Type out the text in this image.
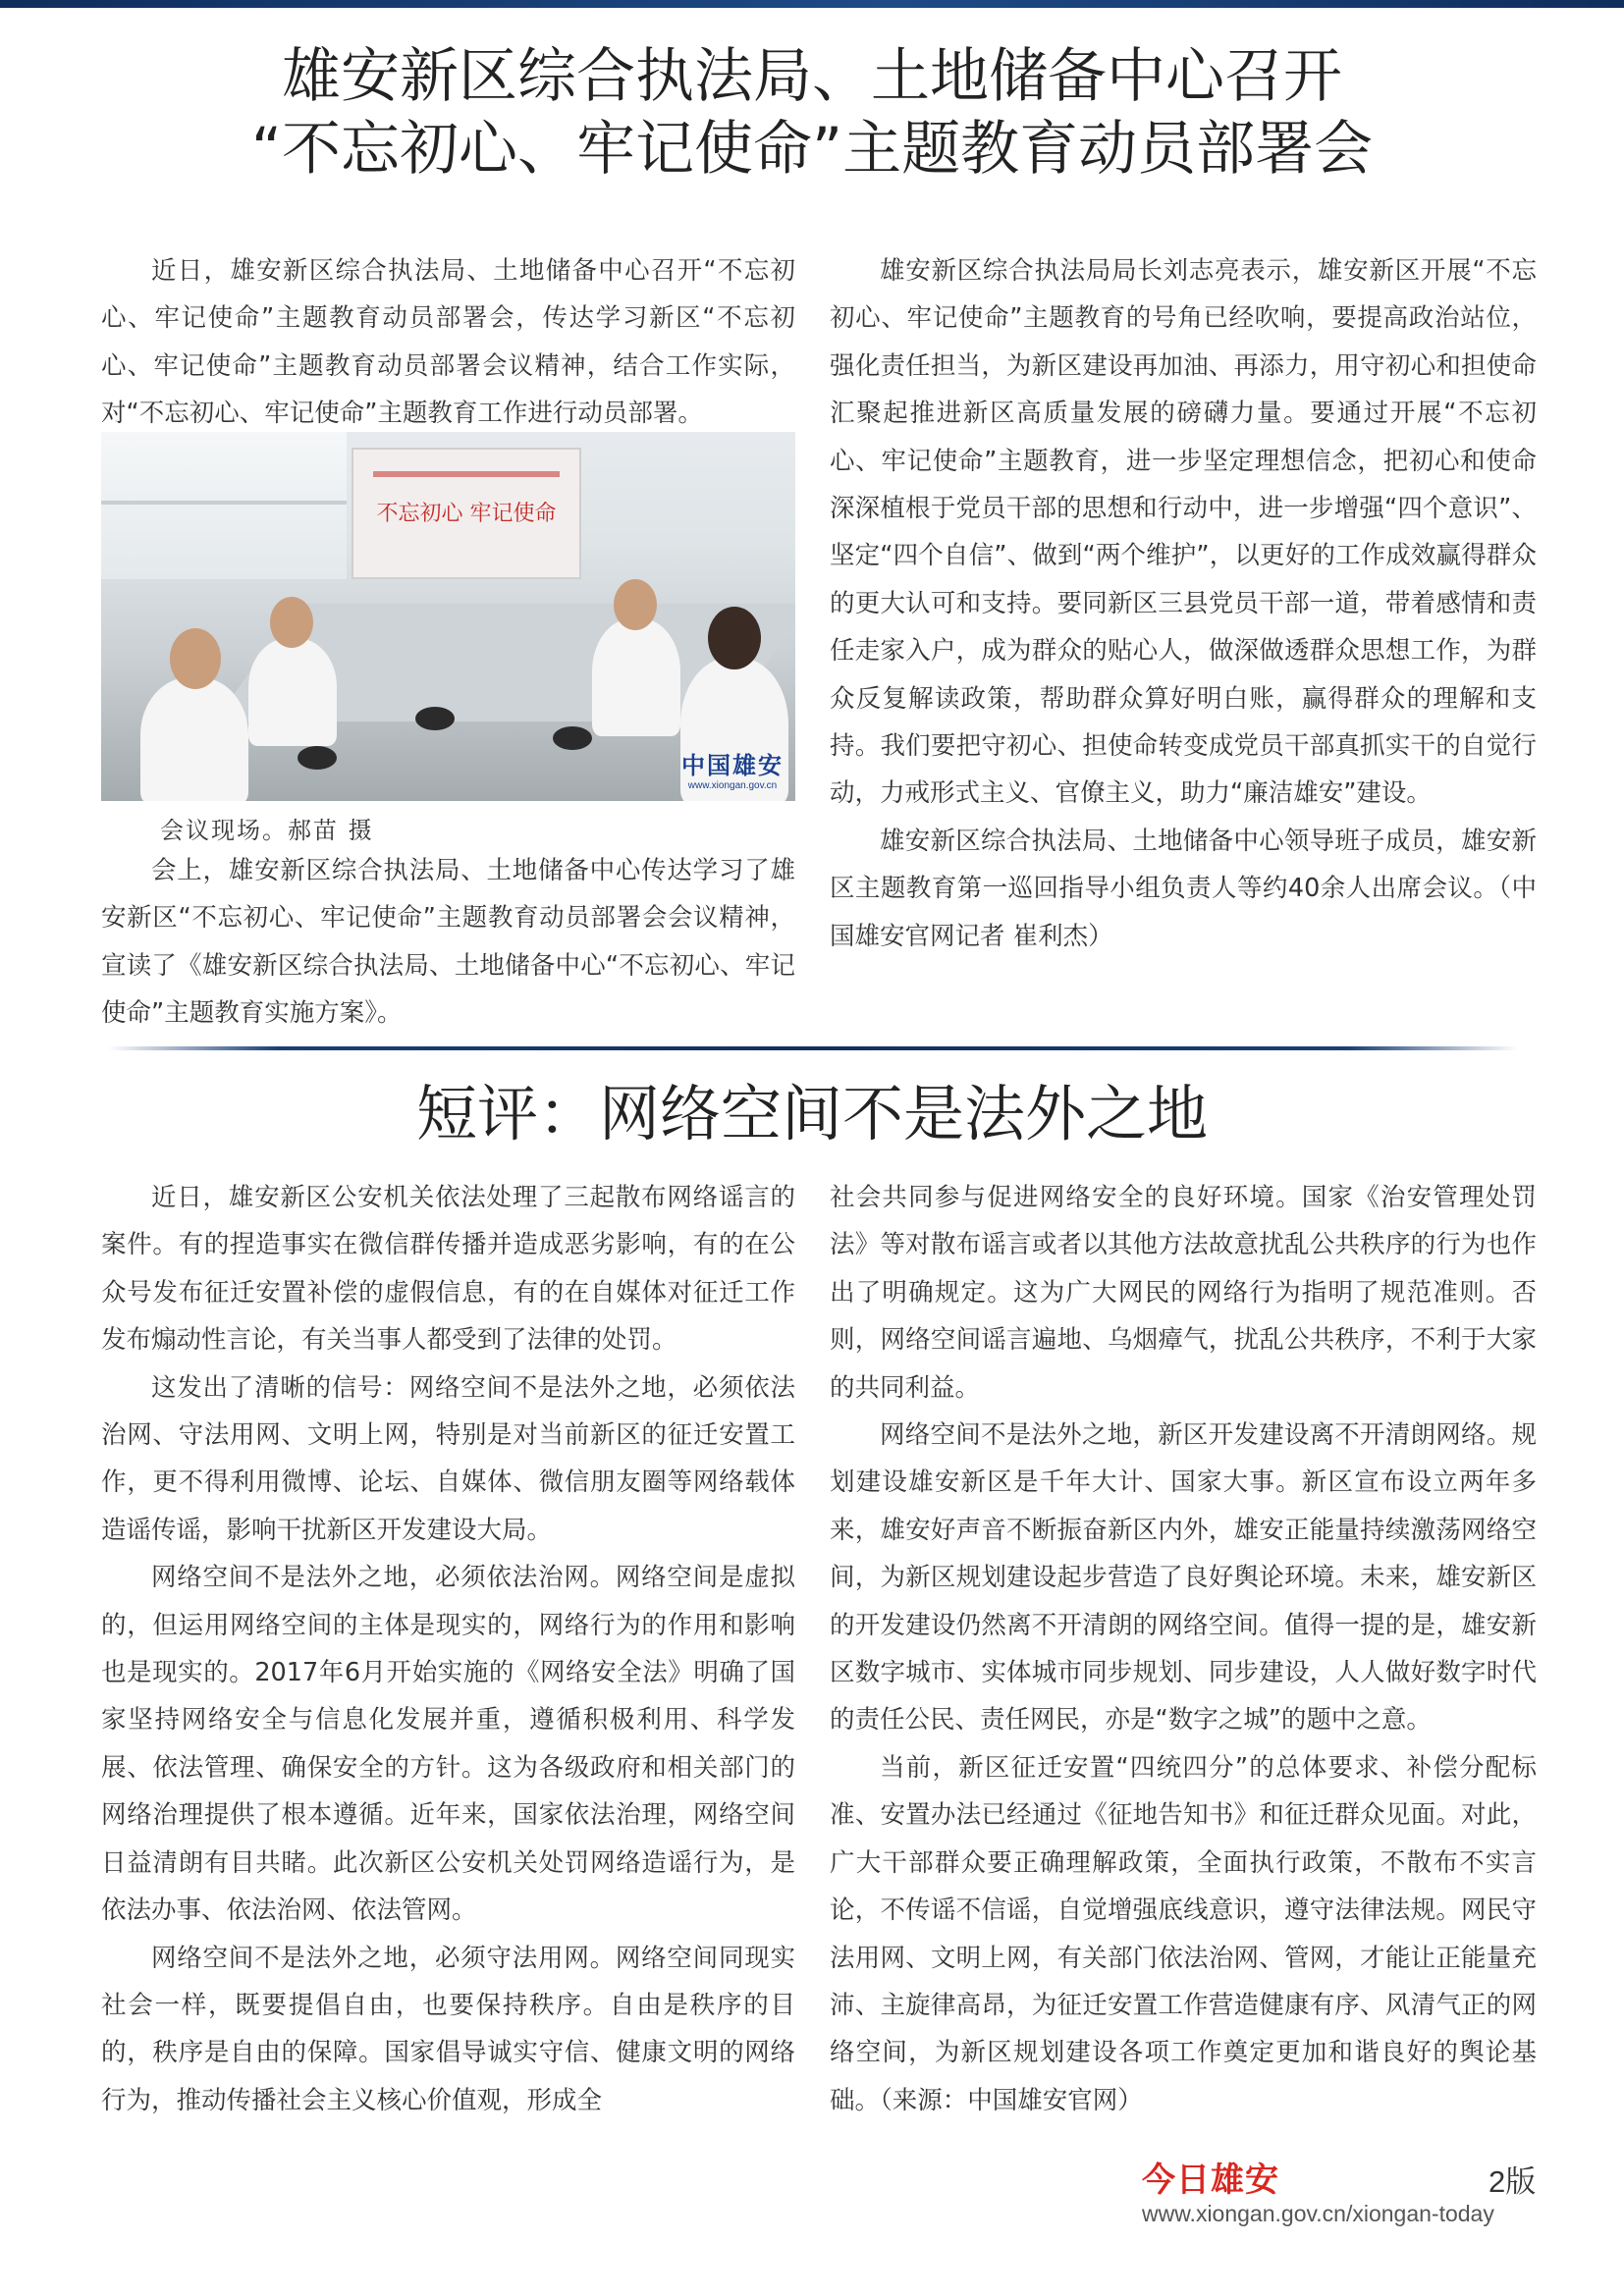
雄安新区综合执法局、土地储备中心召开
“不忘初心、牢记使命”主题教育动员部署会

近日，雄安新区综合执法局、土地储备中心召开“不忘初心、牢记使命”主题教育动员部署会，传达学习新区“不忘初心、牢记使命”主题教育动员部署会议精神，结合工作实际，对“不忘初心、牢记使命”主题教育工作进行动员部署。

不忘初心 牢记使命
中国雄安
www.xiongan.gov.cn
会议现场。郝苗 摄

会上，雄安新区综合执法局、土地储备中心传达学习了雄安新区“不忘初心、牢记使命”主题教育动员部署会会议精神，宣读了《雄安新区综合执法局、土地储备中心“不忘初心、牢记使命”主题教育实施方案》。

雄安新区综合执法局局长刘志亮表示，雄安新区开展“不忘初心、牢记使命”主题教育的号角已经吹响，要提高政治站位，强化责任担当，为新区建设再加油、再添力，用守初心和担使命汇聚起推进新区高质量发展的磅礴力量。要通过开展“不忘初心、牢记使命”主题教育，进一步坚定理想信念，把初心和使命深深植根于党员干部的思想和行动中，进一步增强“四个意识”、坚定“四个自信”、做到“两个维护”，以更好的工作成效赢得群众的更大认可和支持。要同新区三县党员干部一道，带着感情和责任走家入户，成为群众的贴心人，做深做透群众思想工作，为群众反复解读政策，帮助群众算好明白账，赢得群众的理解和支持。我们要把守初心、担使命转变成党员干部真抓实干的自觉行动，力戒形式主义、官僚主义，助力“廉洁雄安”建设。

雄安新区综合执法局、土地储备中心领导班子成员，雄安新区主题教育第一巡回指导小组负责人等约40余人出席会议。（中国雄安官网记者 崔利杰）

短评：网络空间不是法外之地

近日，雄安新区公安机关依法处理了三起散布网络谣言的案件。有的捏造事实在微信群传播并造成恶劣影响，有的在公众号发布征迁安置补偿的虚假信息，有的在自媒体对征迁工作发布煽动性言论，有关当事人都受到了法律的处罚。

这发出了清晰的信号：网络空间不是法外之地，必须依法治网、守法用网、文明上网，特别是对当前新区的征迁安置工作，更不得利用微博、论坛、自媒体、微信朋友圈等网络载体造谣传谣，影响干扰新区开发建设大局。

网络空间不是法外之地，必须依法治网。网络空间是虚拟的，但运用网络空间的主体是现实的，网络行为的作用和影响也是现实的。2017年6月开始实施的《网络安全法》明确了国家坚持网络安全与信息化发展并重，遵循积极利用、科学发展、依法管理、确保安全的方针。这为各级政府和相关部门的网络治理提供了根本遵循。近年来，国家依法治理，网络空间日益清朗有目共睹。此次新区公安机关处罚网络造谣行为，是依法办事、依法治网、依法管网。

网络空间不是法外之地，必须守法用网。网络空间同现实社会一样，既要提倡自由，也要保持秩序。自由是秩序的目的，秩序是自由的保障。国家倡导诚实守信、健康文明的网络行为，推动传播社会主义核心价值观，形成全

社会共同参与促进网络安全的良好环境。国家《治安管理处罚法》等对散布谣言或者以其他方法故意扰乱公共秩序的行为也作出了明确规定。这为广大网民的网络行为指明了规范准则。否则，网络空间谣言遍地、乌烟瘴气，扰乱公共秩序，不利于大家的共同利益。

网络空间不是法外之地，新区开发建设离不开清朗网络。规划建设雄安新区是千年大计、国家大事。新区宣布设立两年多来，雄安好声音不断振奋新区内外，雄安正能量持续激荡网络空间，为新区规划建设起步营造了良好舆论环境。未来，雄安新区的开发建设仍然离不开清朗的网络空间。值得一提的是，雄安新区数字城市、实体城市同步规划、同步建设，人人做好数字时代的责任公民、责任网民，亦是“数字之城”的题中之意。

当前，新区征迁安置“四统四分”的总体要求、补偿分配标准、安置办法已经通过《征地告知书》和征迁群众见面。对此，广大干部群众要正确理解政策，全面执行政策，不散布不实言论，不传谣不信谣，自觉增强底线意识，遵守法律法规。网民守法用网、文明上网，有关部门依法治网、管网，才能让正能量充沛、主旋律高昂，为征迁安置工作营造健康有序、风清气正的网络空间，为新区规划建设各项工作奠定更加和谐良好的舆论基础。（来源：中国雄安官网）

今日雄安	2版
www.xiongan.gov.cn/xiongan-today
